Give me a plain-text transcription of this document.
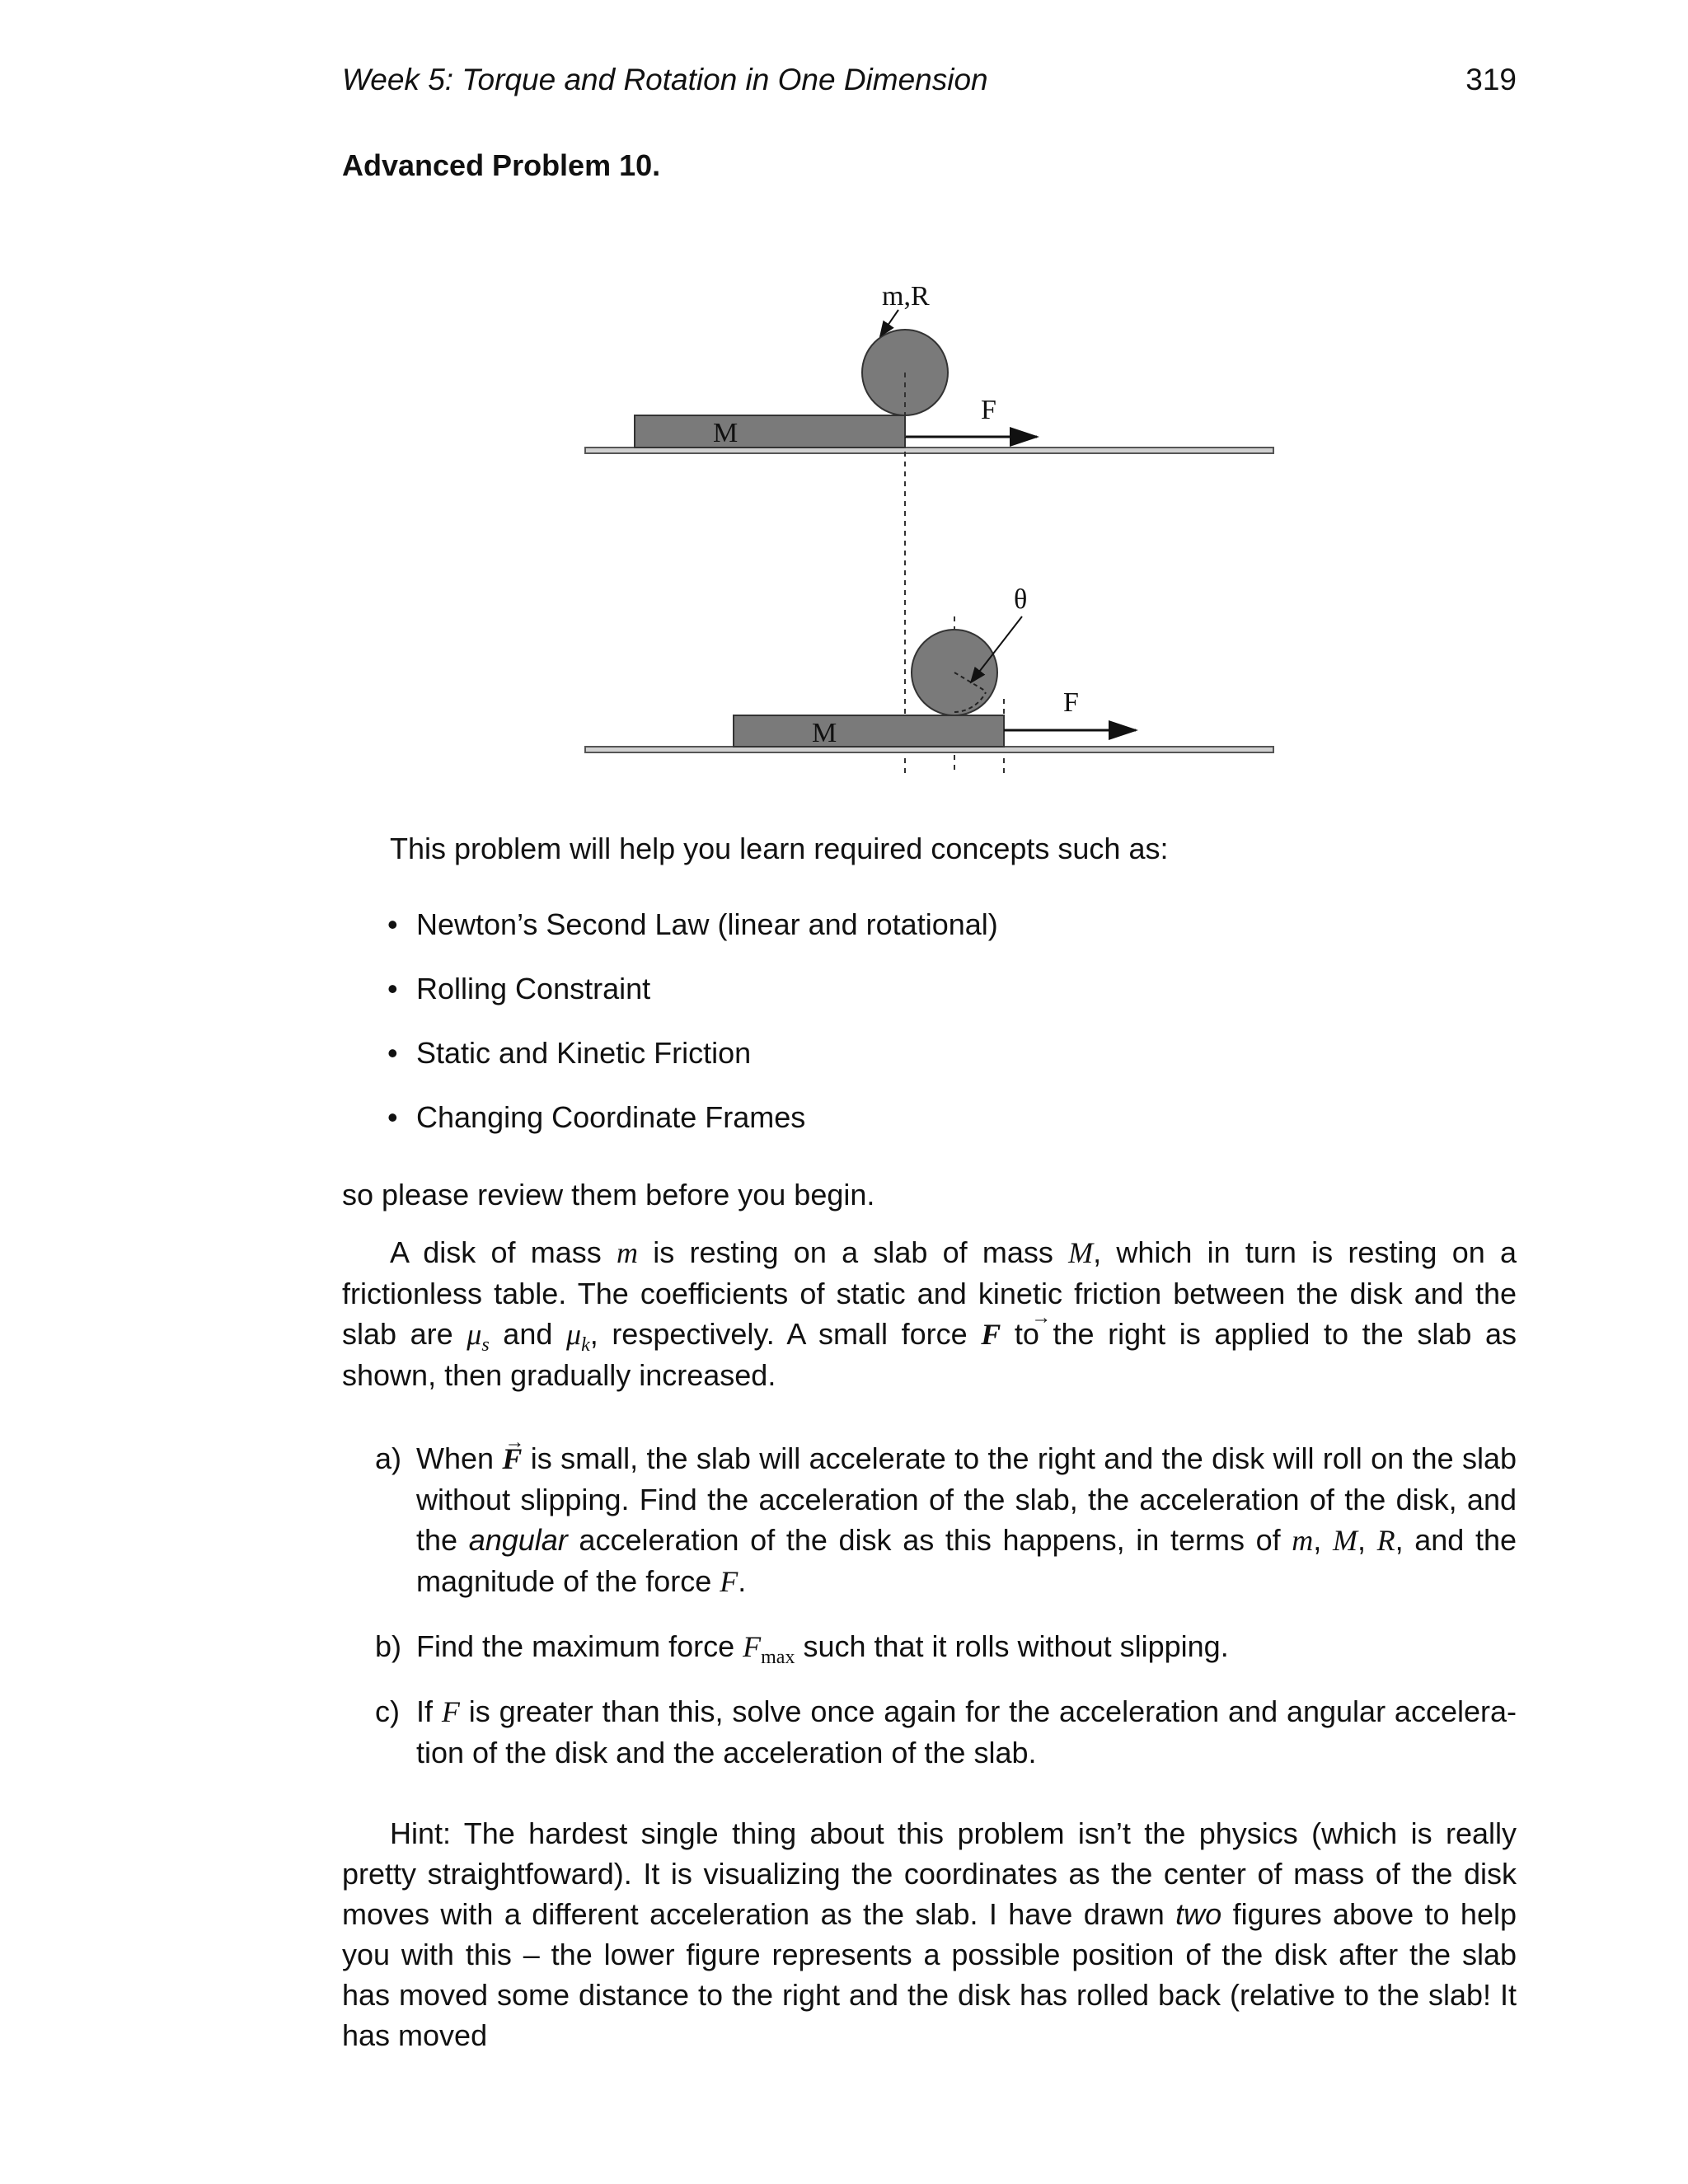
Week 5: Torque and Rotation in One Dimension	319
Advanced Problem 10.
M
m,R
F
M
θ
F
This problem will help you learn required concepts such as:
• Newton’s Second Law (linear and rotational)
• Rolling Constraint
• Static and Kinetic Friction
• Changing Coordinate Frames
so please review them before you begin.

A disk of mass m is resting on a slab of mass M, which in turn is resting on a frictionless table. The coefficients of static and kinetic friction between the disk and the slab are $\mu_s$ and $\mu_k$, respectively. A small force → F to the right is applied to the slab as shown, then gradually increased.

a) When → F is small, the slab will accelerate to the right and the disk will roll on the slab without slipping. Find the acceleration of the slab, the acceleration of the disk, and the angular acceleration of the disk as this happens, in terms of m, M, R, and the magnitude of the force F.
b) Find the maximum force $F_{max}$ such that it rolls without slipping.
c) If F is greater than this, solve once again for the acceleration and angular accelera- tion of the disk and the acceleration of the slab.

Hint: The hardest single thing about this problem isn’t the physics (which is really pretty straightfoward). It is visualizing the coordinates as the center of mass of the disk moves with a different acceleration as the slab. I have drawn two figures above to help you with this – the lower figure represents a possible position of the disk after the slab has moved some distance to the right and the disk has rolled back (relative to the slab! It has moved
